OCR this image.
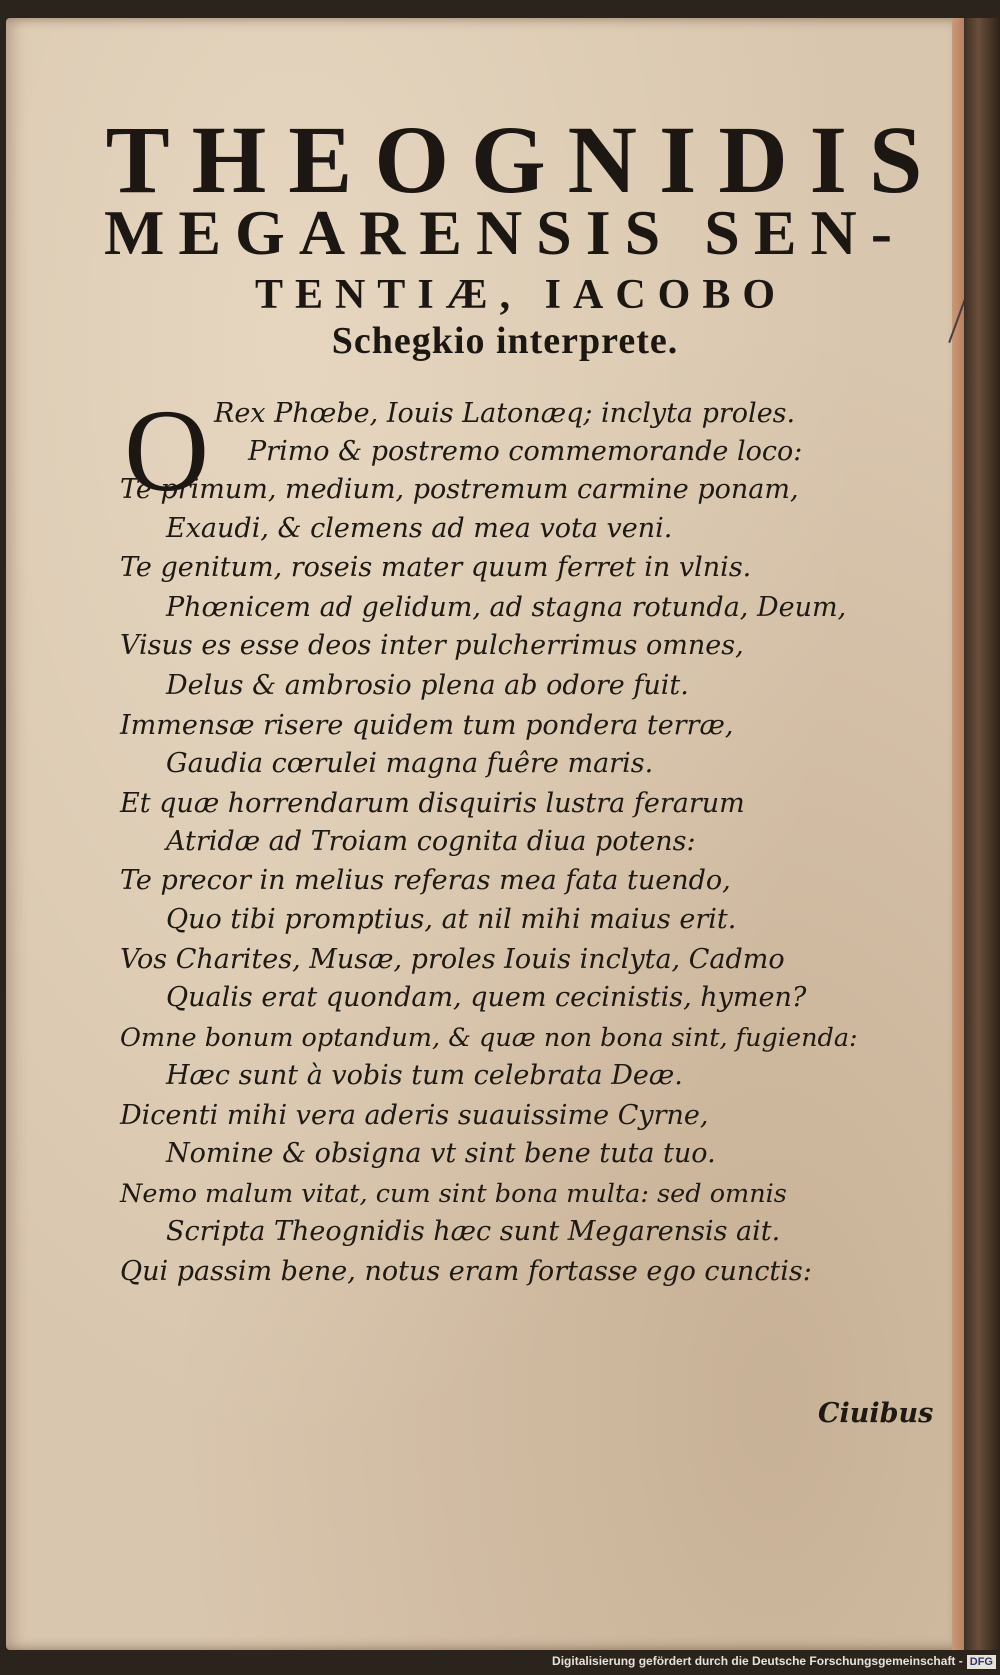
THEOGNIDIS
MEGARENSIS SEN-
TENTIÆ, IACOBO
Schegkio interprete.

O Rex Phœbe, Iouis Latonæq; inclyta proles.

Primo & postremo commemorande loco:

Te primum, medium, postremum carmine ponam,

Exaudi, & clemens ad mea vota veni.

Te genitum, roseis mater quum ferret in vlnis.

Phœnicem ad gelidum, ad stagna rotunda, Deum,

Visus es esse deos inter pulcherrimus omnes,

Delus & ambrosio plena ab odore fuit.

Immensæ risere quidem tum pondera terræ,

Gaudia cœrulei magna fuêre maris.

Et quæ horrendarum disquiris lustra ferarum

Atridæ ad Troiam cognita diua potens:

Te precor in melius referas mea fata tuendo,

Quo tibi promptius, at nil mihi maius erit.

Vos Charites, Musæ, proles Iouis inclyta, Cadmo

Qualis erat quondam, quem cecinistis, hymen?

Omne bonum optandum, & quæ non bona sint, fugienda:

Hæc sunt à vobis tum celebrata Deæ.

Dicenti mihi vera aderis suauissime Cyrne,

Nomine & obsigna vt sint bene tuta tuo.

Nemo malum vitat, cum sint bona multa: sed omnis

Scripta Theognidis hæc sunt Megarensis ait.

Qui passim bene, notus eram fortasse ego cunctis:

Ciuibus

Digitalisierung gefördert durch die Deutsche Forschungsgemeinschaft - DFG
